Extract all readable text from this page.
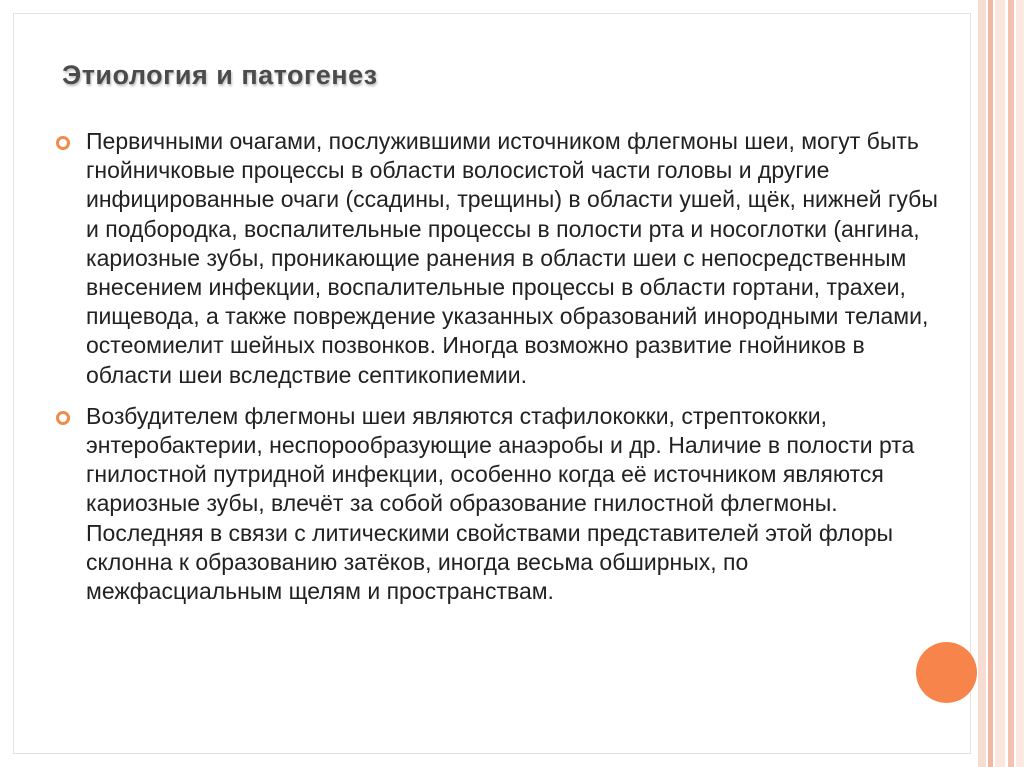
Этиология и патогенез

Первичными очагами, послужившими источником флегмоны шеи, могут быть гнойничковые процессы в области волосистой части головы и другие инфицированные очаги (ссадины, трещины) в области ушей, щёк, нижней губы и подбородка, воспалительные процессы в полости рта и носоглотки (ангина, кариозные зубы, проникающие ранения в области шеи с непосредственным внесением инфекции, воспалительные процессы в области гортани, трахеи, пищевода, а также повреждение указанных образований инородными телами, остеомиелит шейных позвонков. Иногда возможно развитие гнойников в области шеи вследствие септикопиемии.

Возбудителем флегмоны шеи являются стафилококки, стрептококки, энтеробактерии, неспорообразующие анаэробы и др. Наличие в полости рта гнилостной путридной инфекции, особенно когда её источником являются кариозные зубы, влечёт за собой образование гнилостной флегмоны. Последняя в связи с литическими свойствами представителей этой флоры склонна к образованию затёков, иногда весьма обширных, по межфасциальным щелям и пространствам.
